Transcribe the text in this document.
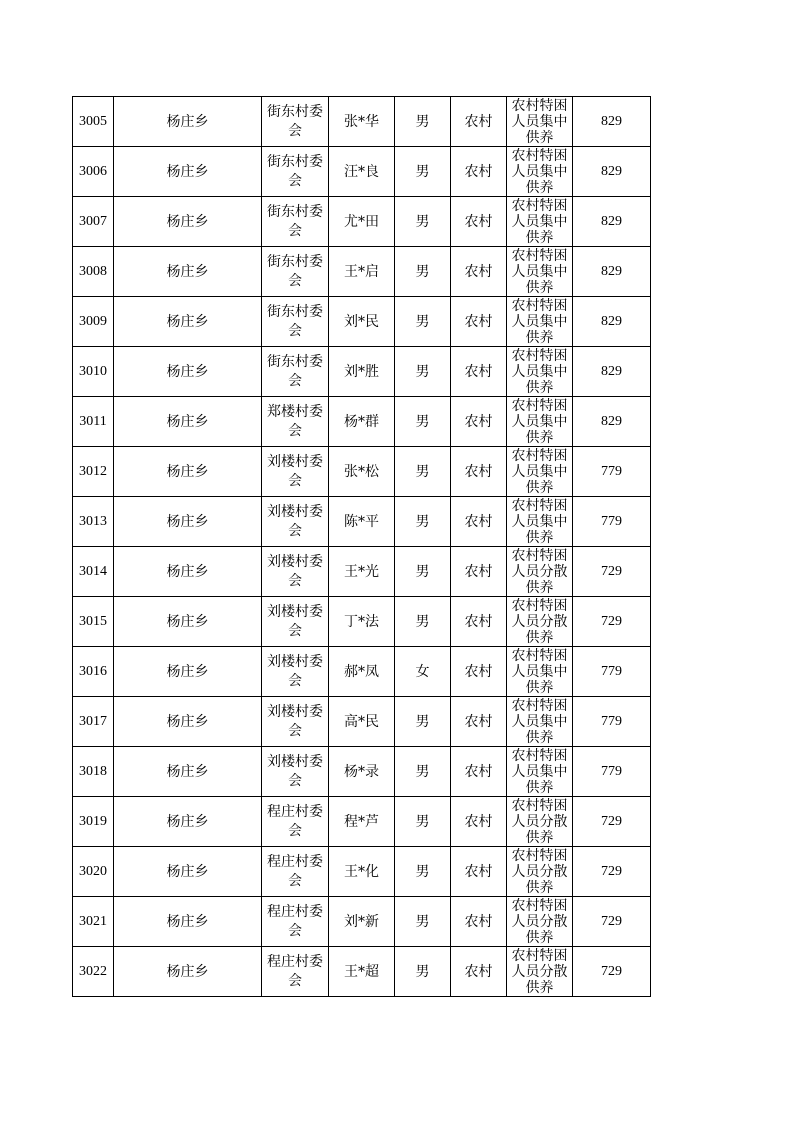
3005	杨庄乡	街东村委会	张*华	男	农村	农村特困人员集中供养	829
3006	杨庄乡	街东村委会	汪*良	男	农村	农村特困人员集中供养	829
3007	杨庄乡	街东村委会	尤*田	男	农村	农村特困人员集中供养	829
3008	杨庄乡	街东村委会	王*启	男	农村	农村特困人员集中供养	829
3009	杨庄乡	街东村委会	刘*民	男	农村	农村特困人员集中供养	829
3010	杨庄乡	街东村委会	刘*胜	男	农村	农村特困人员集中供养	829
3011	杨庄乡	郑楼村委会	杨*群	男	农村	农村特困人员集中供养	829
3012	杨庄乡	刘楼村委会	张*松	男	农村	农村特困人员集中供养	779
3013	杨庄乡	刘楼村委会	陈*平	男	农村	农村特困人员集中供养	779
3014	杨庄乡	刘楼村委会	王*光	男	农村	农村特困人员分散供养	729
3015	杨庄乡	刘楼村委会	丁*法	男	农村	农村特困人员分散供养	729
3016	杨庄乡	刘楼村委会	郝*凤	女	农村	农村特困人员集中供养	779
3017	杨庄乡	刘楼村委会	高*民	男	农村	农村特困人员集中供养	779
3018	杨庄乡	刘楼村委会	杨*录	男	农村	农村特困人员集中供养	779
3019	杨庄乡	程庄村委会	程*芦	男	农村	农村特困人员分散供养	729
3020	杨庄乡	程庄村委会	王*化	男	农村	农村特困人员分散供养	729
3021	杨庄乡	程庄村委会	刘*新	男	农村	农村特困人员分散供养	729
3022	杨庄乡	程庄村委会	王*超	男	农村	农村特困人员分散供养	729
